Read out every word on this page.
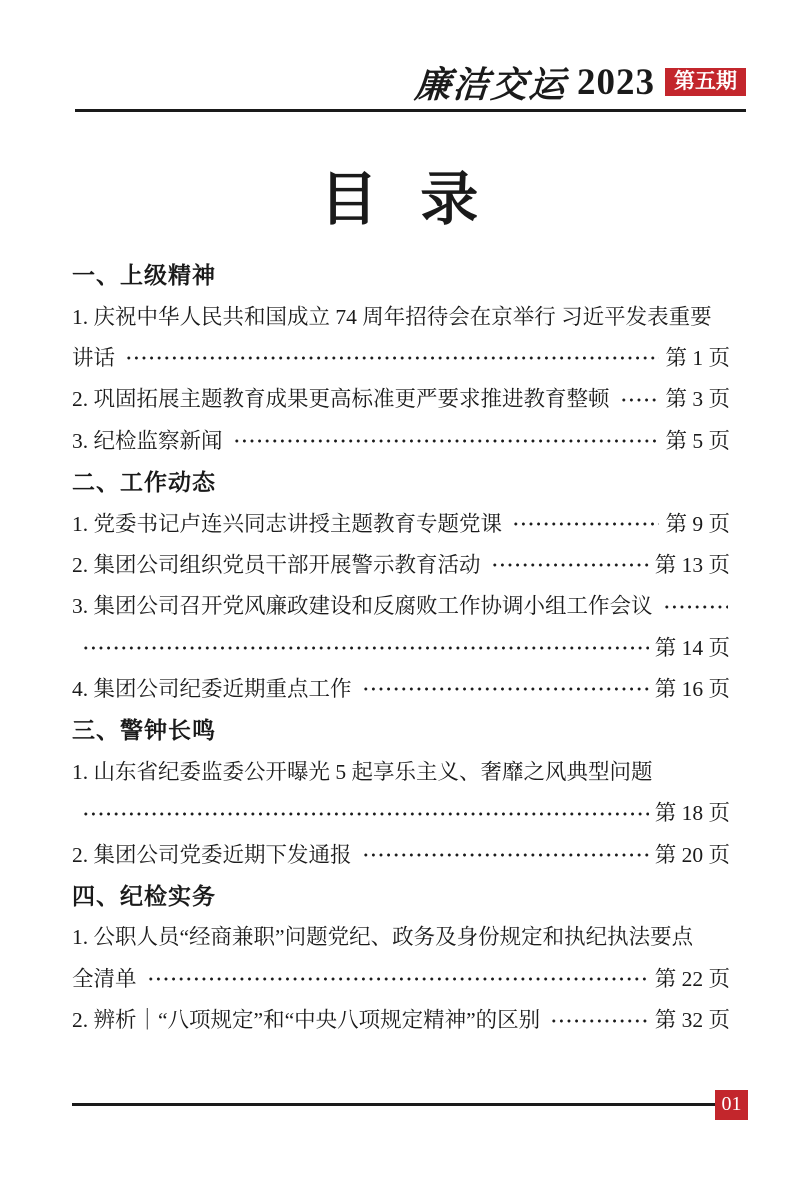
廉洁交运 2023 第五期
目 录
一、上级精神
1. 庆祝中华人民共和国成立 74 周年招待会在京举行 习近平发表重要
讲话	第 1 页
2. 巩固拓展主题教育成果更高标准更严要求推进教育整顿	第 3 页
3. 纪检监察新闻	第 5 页
二、工作动态
1. 党委书记卢连兴同志讲授主题教育专题党课	第 9 页
2. 集团公司组织党员干部开展警示教育活动	第 13 页
3. 集团公司召开党风廉政建设和反腐败工作协调小组工作会议
第 14 页
4. 集团公司纪委近期重点工作	第 16 页
三、警钟长鸣
1. 山东省纪委监委公开曝光 5 起享乐主义、奢靡之风典型问题
第 18 页
2. 集团公司党委近期下发通报	第 20 页
四、纪检实务
1. 公职人员“经商兼职”问题党纪、政务及身份规定和执纪执法要点
全清单	第 22 页
2. 辨析｜“八项规定”和“中央八项规定精神”的区别	第 32 页
01
